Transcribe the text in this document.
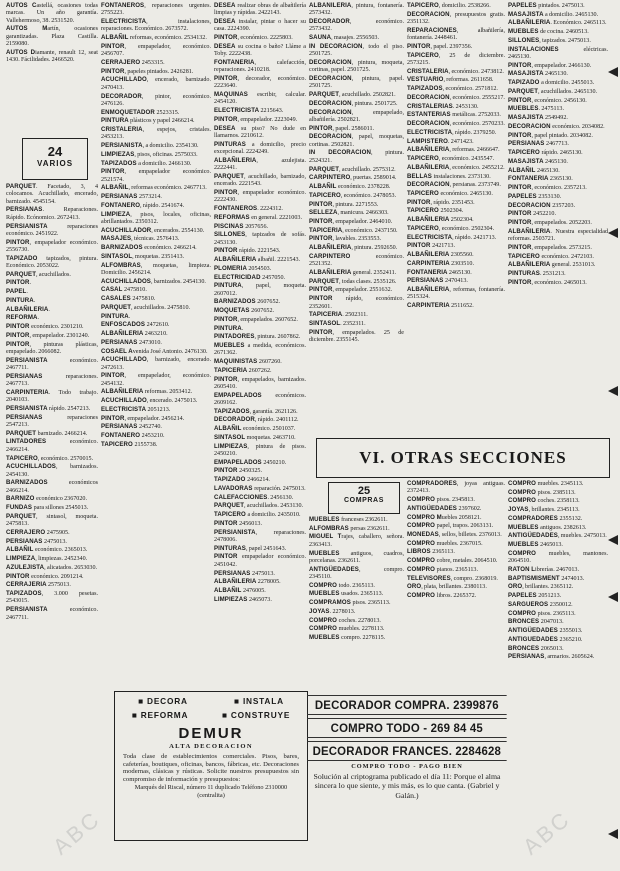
AUTOS Castellá, ocasiones todas marcas. Un año garantía. Vallehermoso, 38. 2531520.

AUTOS Martín, ocasiones garantizadas. Plaza Castilla. 2159080.

AUTOS Diamante, renault 12, seat 1430. Fácilidades. 2466520.

24
VARIOS

PARQUET. Facetado, 3, 4 colocamos. Acuchillado, encerado, barnizado. 4545154.

PERSIANAS. Reparaciones. Rápido. Ecónomico. 2672413.

PERSIANISTA reparaciones económico. 2451922.

PINTOR, empapelador económico. 2556730.

TAPIZADO tapizados, pintura. Económico. 2053022.

PARQUET, acuchillados.

PINTOR.

PAPEL.

PINTURA.

ALBAÑILERIA.

REFORMA.

PINTOR económico. 2301210.

PINTOR, empapelador. 2301240.

PINTOR, pinturas plásticas, empapelado. 2066082.

PERSIANISTA económico. 2467711.

PERSIANAS reparaciones. 2467713.

CARPINTERIA. Todo trabajo. 2040103.

PERSIANISTA rápido. 2547213.

PERSIANAS reparaciones 2547213.

PARQUET barnizado. 2466214.

LINTADORES económico. 2466214.

TAPICERO, económico. 2570015.

ACUCHILLADOS, barnizados. 2454130.

BARNIZADOS económicos 2466214.

BARNIZO económico 2367020.

FUNDAS para sillones 2545013.

PARQUET, sintasol, moqueta. 2475813.

CERRAJERO 2475905.

PERSIANAS 2475013.

ALBAÑIL económico. 2365013.

LIMPIEZA, limpiezas. 2452340.

AZULEJISTA, alicatados. 2653030.

PINTOR económico. 2091214.

CERRAJERIA 2575013.

TAPIZADOS, 3.000 pesetas. 2543015.

PERSIANISTA económico. 2467711.

FONTANEROS, reparaciones urgentes. 2755223.

ELECTRICISTA, instalaciones, reparaciones. Económico. 2673572.

ALBAÑIL reformas, económico. 2534132.

PINTOR, empapelador, económico. 2456707.

CERRAJERO 2453315.

PINTOR, papeles pintados. 2426281.

ACUCHILLADO, encerado, barnizado. 2470413.

DECORADOR, pintor, económico. 2476126.

ENMOQUETADOR 2523315.

PINTURA plásticos y papel 2466214.

CRISTALERIA, espejos, cristales. 2453213.

PERSIANISTA, a domicilio. 2354130.

LIMPIEZAS, pisos, oficinas. 2575033.

TAPIZADOS a domicilio. 2466130.

PINTOR, empapelador económico. 2521574.

ALBAÑIL, reformas económico. 2467713.

PERSIANAS 2573214.

FONTANERO, rápido. 2541674.

LIMPIEZA, pisos, locales, oficinas, abrillantados. 2350312.

ACUCHILLADOR, encerados. 2554130.

MASAJES, técnicas. 2576413.

BARNIZADOS económico. 2466214.

SINTASOL, moquetas. 2351413.

ALFOMBRAS, moquetas, limpieza. Domicilio. 2456214.

ACUCHILLADOS, barnizados. 2454130.

CASAL 2475810.

CASALES 2475810.

PARQUET, acuchillados. 2475810.

PINTURA.

ENFOSCADOS 2472610.

ALBAÑILERIA 2463210.

PERSIANAS 2473010.

COSAEL Avenida José Antonio. 2476130.

ACUCHILLADO, barnizado, encerado. 2472613.

PINTOR, empapelador, económico. 2454132.

ALBAÑILERIA reformas. 2053412.

ACUCHILLADO, encerado. 2475013.

ELECTRICISTA 2051213.

PINTOR, empapelador. 2456214.

PERSIANAS 2452740.

FONTANERO 2453210.

TAPICERO 2155738.

DESEA realizar obras de albañilería limpias y rápidas. 2422143.

DESEA instalar, pintar o hacer su casa. 2224390.

PINTOR, económico. 2225803.

DESEA su cocina o baño? Lláme a Toby. 2222438.

FONTANERIA, calefacción, reparaciones. 2410218.

PINTOR, decorador, económico. 2223640.

MAQUINAS escribir, calcular. 2454120.

ELECTRICISTA 2215643.

PINTOR, empapelador. 2223049.

DESEA su piso? No dude en llamarnos. 2210612.

PINTURAS a domicilio, precio excepcional. 2224249.

ALBAÑILERIA, azulejista. 2222441.

PARQUET, acuchillado, barnizado, encerado. 2221543.

PINTOR, empapelador económico. 2222430.

FONTANEROS. 2224312.

REFORMAS en general. 2221003.

PISCINAS 2057656.

SILLONES, tapizados de sofás. 2453130.

PINTOR rápido. 2221543.

ALBAÑILERIA albañil. 2221543.

PLOMERIA 2054503.

ELECTRICIDAD 2457050.

PINTURA, papel, moqueta. 2607012.

BARNIZADOS 2607652.

MOQUETAS 2607652.

PINTOR, empapelados. 2607652.

PINTURA.

PINTADORES, pintura. 2607862.

MUEBLES a medida, económicos. 2671362.

MAQUINISTAS 2607260.

TAPICERIA 2607262.

PINTOR, empapelados, barnizados. 2605410.

EMPAPELADOS económicos. 2609162.

TAPIZADOS, garantía. 2621126.

DECORADOR, rápido. 2401112.

ALBAÑIL económico. 2501037.

SINTASOL moquetas. 2463710.

LIMPIEZAS, pintura de pisos. 2450210.

EMPAPELADOS 2450210.

PINTOR 2450325.

TAPIZADO 2466214.

LAVADORAS reparación. 2475013.

CALEFACCIONES. 2456130.

PARQUET, acuchillados. 2453130.

TAPICERO a domicilio. 2435010.

PINTOR 2456013.

PERSIANISTA, reparaciones. 2478006.

PINTURAS, papel 2451643.

PINTOR empapelador económico. 2451042.

PERSIANAS 2475013.

ALBAÑILERIA 2278005.

ALBAÑIL 2476005.

LIMPIEZAS 2465073.

ALBAÑILERIA, pintura, fontanería. 2573432.

DECORADOR, económico. 2573432.

SAUNA, masajes. 2556503.

IN DECORACION, todo el piso. 2501725.

DECORACION, pintura, moqueta, cortinas, papel. 2501725.

DECORACION, pintura, papel. 2501725.

PARQUET, acuchillado. 2502821.

DECORACION, pintura. 2501725.

DECORACION, empapelado, albañilería. 2502821.

PINTOR, papel. 2586011.

DECORACION, papel, moquetas, cortinas. 2502821.

IN DECORACION, pintura. 2524321.

PARQUET, acuchillado. 2575312.

CARPINTERO, puertas. 2589014.

ALBAÑIL económico. 2378228.

TAPICERO, económico. 2478053.

PINTOR, pintura. 2271553.

SELLEZA, manicura. 2466303.

PINTOR, empapelador. 2464010.

TAPICERIA, económico. 2437150.

PINTOR, lavables. 2353553.

ALBAÑILERIA, pintura. 2592650.

CARPINTERO económico. 2521352.

ALBAÑILERIA general. 2352411.

PARQUET, todas clases. 2535126.

PINTOR, empapelador. 2551632.

PINTOR rápido, económico. 2352601.

TAPICERIA. 2502311.

SINTASOL. 2352311.

PINTOR, empapelados. 25 de diciembre. 2355145.

TAPICERO, domicilio. 2538266.

DECORACION, presupuestos gratis. 2351132.

REPARACIONES, albañilería, fontanería. 2448461.

PINTOR, papel. 2397356.

TAPICERO, 25 de diciembre. 2573215.

CRISTALERIA, económico. 2473812.

VESTUARIO, reformas. 2611658.

TAPIZADOS, económico. 2571812.

DECORACION, económico. 2555217.

CRISTALERIAS. 2453130.

ESTANTERIAS metálicas. 2752033.

DECORACION, económico. 2570233.

ELECTRICISTA, rápido. 2379250.

LAMPISTERO. 2471423.

ALBAÑILERIA, reformas. 2466647.

TAPICERO, económico. 2435547.

ALBAÑILERIA, económico. 2455212.

BELLAS instalaciones. 2373130.

DECORACION, persianas. 2373749.

TAPICERO económico. 2465130.

PINTOR, rápido. 2351453.

TAPICERO 2502304.

ALBAÑILERIA 2502304.

TAPICERO, económico. 2502304.

ELECTRICISTA, rápido. 2421713.

PINTOR 2421713.

ALBAÑILERIA 2305560.

CARPINTERIA 2303510.

FONTANERIA 2465130.

PERSIANAS 2470413.

ALBAÑILERIA, reformas, fontanería. 2515324.

CARPINTERIA 2511652.

PAPELES pintados. 2475013.

MASAJISTA a domicilio. 2465130.

ALBAÑILERIA. Económico. 2465113.

MUEBLES de cocina. 2460513.

SILLONES, tapizados. 2475013.

INSTALACIONES eléctricas. 2465130.

PINTOR, empapelador. 2466130.

MASAJISTA 2465130.

TAPIZADO a domicilio. 2455013.

PARQUET, acuchillados. 2465130.

PINTOR, económico. 2456130.

MUEBLES. 2475113.

MASAJISTA 2549492.

DECORACION económico. 2034082.

PINTOR, papel pintado. 2034082.

PERSIANAS 2467713.

TAPICERO rápido. 2465130.

MASAJISTA 2465130.

ALBAÑIL 2465130.

FONTANERIA 2365130.

PINTOR, económico. 2357213.

PAPELES 2353130.

DECORACION 2357203.

PINTOR 2452210.

PINTOR, empapelados. 2052203.

ALBAÑILERIA. Nuestra especialidad reformas. 2503721.

PINTOR, empapelados. 2573215.

TAPICERO económico. 2472103.

ALBAÑILERIA general. 2531013.

PINTURAS. 2531213.

PINTOR, económico. 2465013.

VI. OTRAS SECCIONES
25
COMPRAS

MUEBLES franceses 2362611.

ALFOMBRAS persas 2362611.

MIGUEL Trajes, caballero, señora. 2363413.

MUEBLES antiguos, cuadros, porcelanas. 2362611.

ANTIGÜEDADES, compro. 2345110.

COMPRO todo. 2365113.

MUEBLES usados. 2365113.

COMPRAMOS pisos. 2365113.

JOYAS. 2278013.

COMPRO coches. 2278013.

COMPRO muebles. 2278113.

MUEBLES compro. 2278115.

COMPRADORES, joyas antiguas. 2372413.

COMPRO pisos. 2345813.

ANTIGÜEDADES 2397602.

COMPRO Muebles 2058121.

COMPRO papel, trapos. 2063131.

MONEDAS, sellos, billetes. 2376013.

COMPRO muebles. 2367015.

LIBROS 2365113.

COMPRO cobre, metales. 2064510.

COMPRO pianos. 2365113.

TELEVISORES, compro. 2368019.

ORO, plata, brillantes. 2380113.

COMPRO libros. 2265372.

COMPRO muebles. 2345113.

COMPRO pisos. 2385113.

COMPRO coches. 2358113.

JOYAS, brillantes. 2345113.

COMPRADORES 2355132.

MUEBLES antiguos. 2382613.

ANTIGÜEDADES, muebles. 2475013.

MUEBLES 2465013.

COMPRO muebles, mantones. 2064510.

RATON Librerías. 2467013.

BAPTISMISMENT 2474013.

ORO, brillantes. 2365112.

PAPELES 2051213.

SARGUEROS 2350012.

COMPRO pisos. 2365113.

BRONCES 2047013.

ANTIGÜEDADES 2355013.

ANTIGUEDADES 2365210.

BRONCES 2065013.

PERSIANAS, armarios. 2605624.

■ DECORA	■ INSTALA
■ REFORMA	■ CONSTRUYE
DEMUR
ALTA DECORACION
Toda clase de establecimientos comerciales. Pisos, bares, cafeterías, boutiques, oficinas, bancos, fábricas, etc. Decoraciones modernas, clásicas y rústicas. Solicite nuestros presupuestos sin compromiso de información y presupuestos:
Marqués del Riscal, número 11 duplicado Teléfono 2310000 (centralita)
DECORADOR COMPRA. 2399876
COMPRO TODO - 269 84 45
DECORADOR FRANCES. 2284628
COMPRO TODO - PAGO BIEN
Solución al criptograma publicado el día 11: Porque el alma sincera lo que siente, y mis más, es lo que canta. (Gabriel y Galán.)
ABC	ABC
